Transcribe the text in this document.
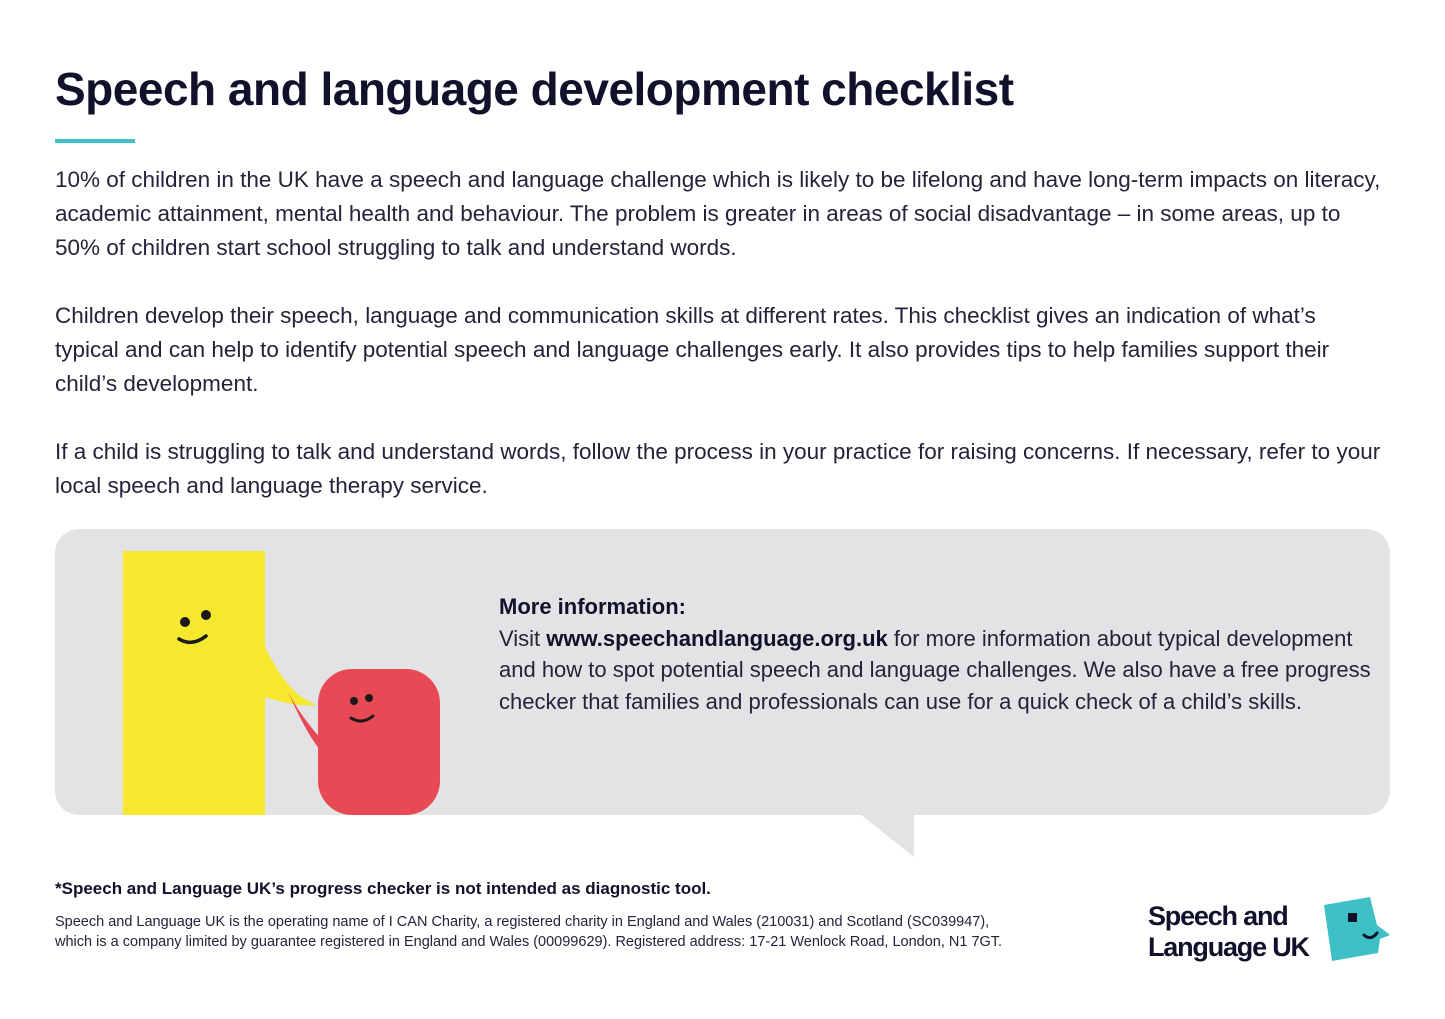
Speech and language development checklist

10% of children in the UK have a speech and language challenge which is likely to be lifelong and have long-term impacts on literacy, academic attainment, mental health and behaviour. The problem is greater in areas of social disadvantage – in some areas, up to 50% of children start school struggling to talk and understand words.

Children develop their speech, language and communication skills at different rates. This checklist gives an indication of what’s typical and can help to identify potential speech and language challenges early. It also provides tips to help families support their child’s development.

If a child is struggling to talk and understand words, follow the process in your practice for raising concerns. If necessary, refer to your local speech and language therapy service.

More information:
Visit www.speechandlanguage.org.uk for more information about typical development and how to spot potential speech and language challenges. We also have a free progress checker that families and professionals can use for a quick check of a child’s skills.

*Speech and Language UK’s progress checker is not intended as diagnostic tool.

Speech and Language UK is the operating name of I CAN Charity, a registered charity in England and Wales (210031) and Scotland (SC039947), which is a company limited by guarantee registered in England and Wales (00099629). Registered address: 17-21 Wenlock Road, London, N1 7GT.

Speech and
Language UK
